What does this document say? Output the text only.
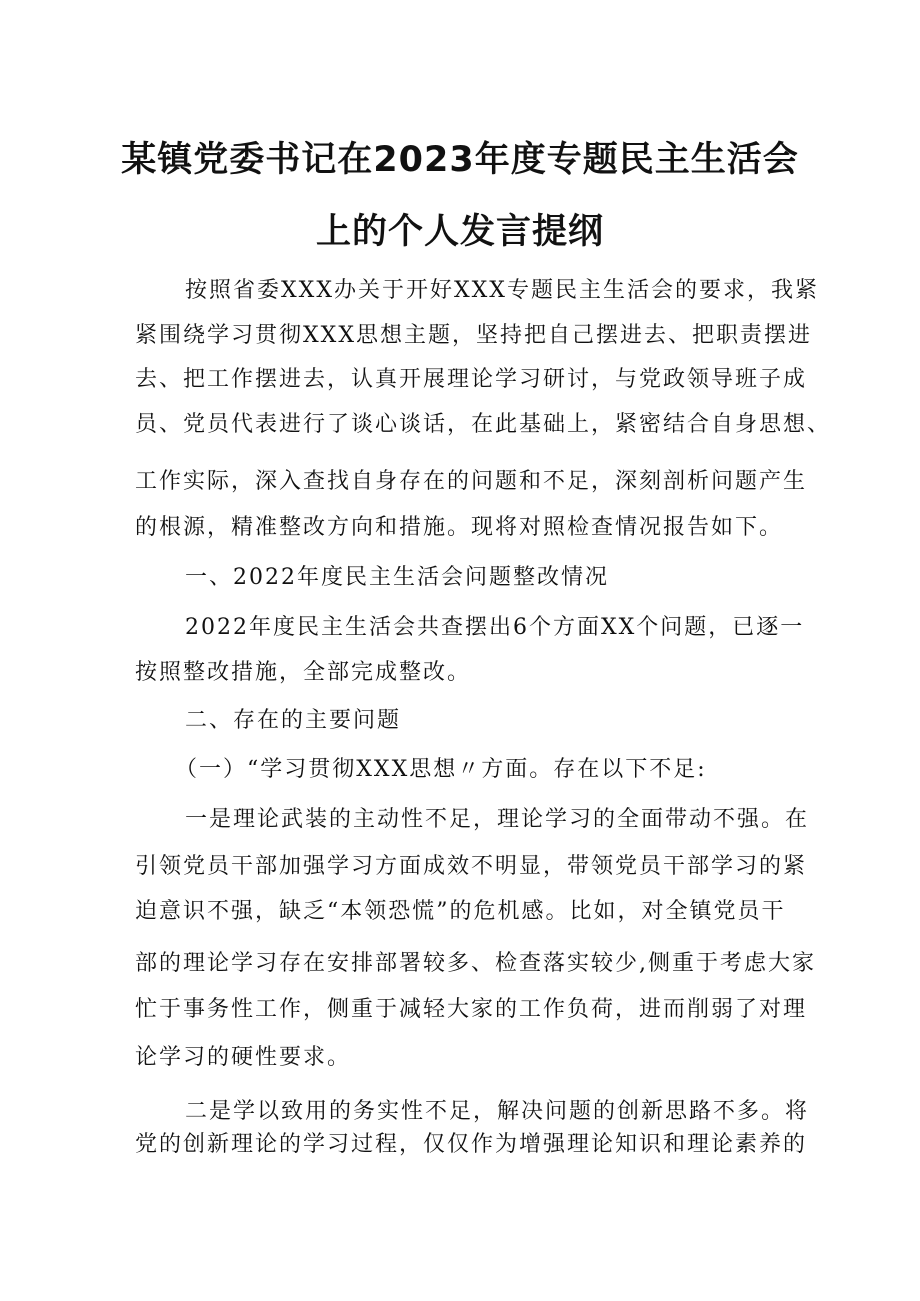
某镇党委书记在2023年度专题民主生活会
上的个人发言提纲

按照省委XXX办关于开好XXX专题民主生活会的要求，我紧

紧围绕学习贯彻XXX思想主题，坚持把自己摆进去、把职责摆进

去、把工作摆进去，认真开展理论学习研讨，与党政领导班子成

员、党员代表进行了谈心谈话，在此基础上，紧密结合自身思想、

工作实际，深入查找自身存在的问题和不足，深刻剖析问题产生

的根源，精准整改方向和措施。现将对照检查情况报告如下。

一、2022年度民主生活会问题整改情况

2022年度民主生活会共查摆出6个方面XX个问题，已逐一

按照整改措施，全部完成整改。

二、存在的主要问题

（一）“学习贯彻XXX思想〃方面。存在以下不足:

一是理论武装的主动性不足，理论学习的全面带动不强。在

引领党员干部加强学习方面成效不明显，带领党员干部学习的紧

迫意识不强，缺乏“本领恐慌”的危机感。比如，对全镇党员干

部的理论学习存在安排部署较多、检查落实较少,侧重于考虑大家

忙于事务性工作，侧重于减轻大家的工作负荷，进而削弱了对理

论学习的硬性要求。

二是学以致用的务实性不足，解决问题的创新思路不多。将

党的创新理论的学习过程，仅仅作为增强理论知识和理论素养的
